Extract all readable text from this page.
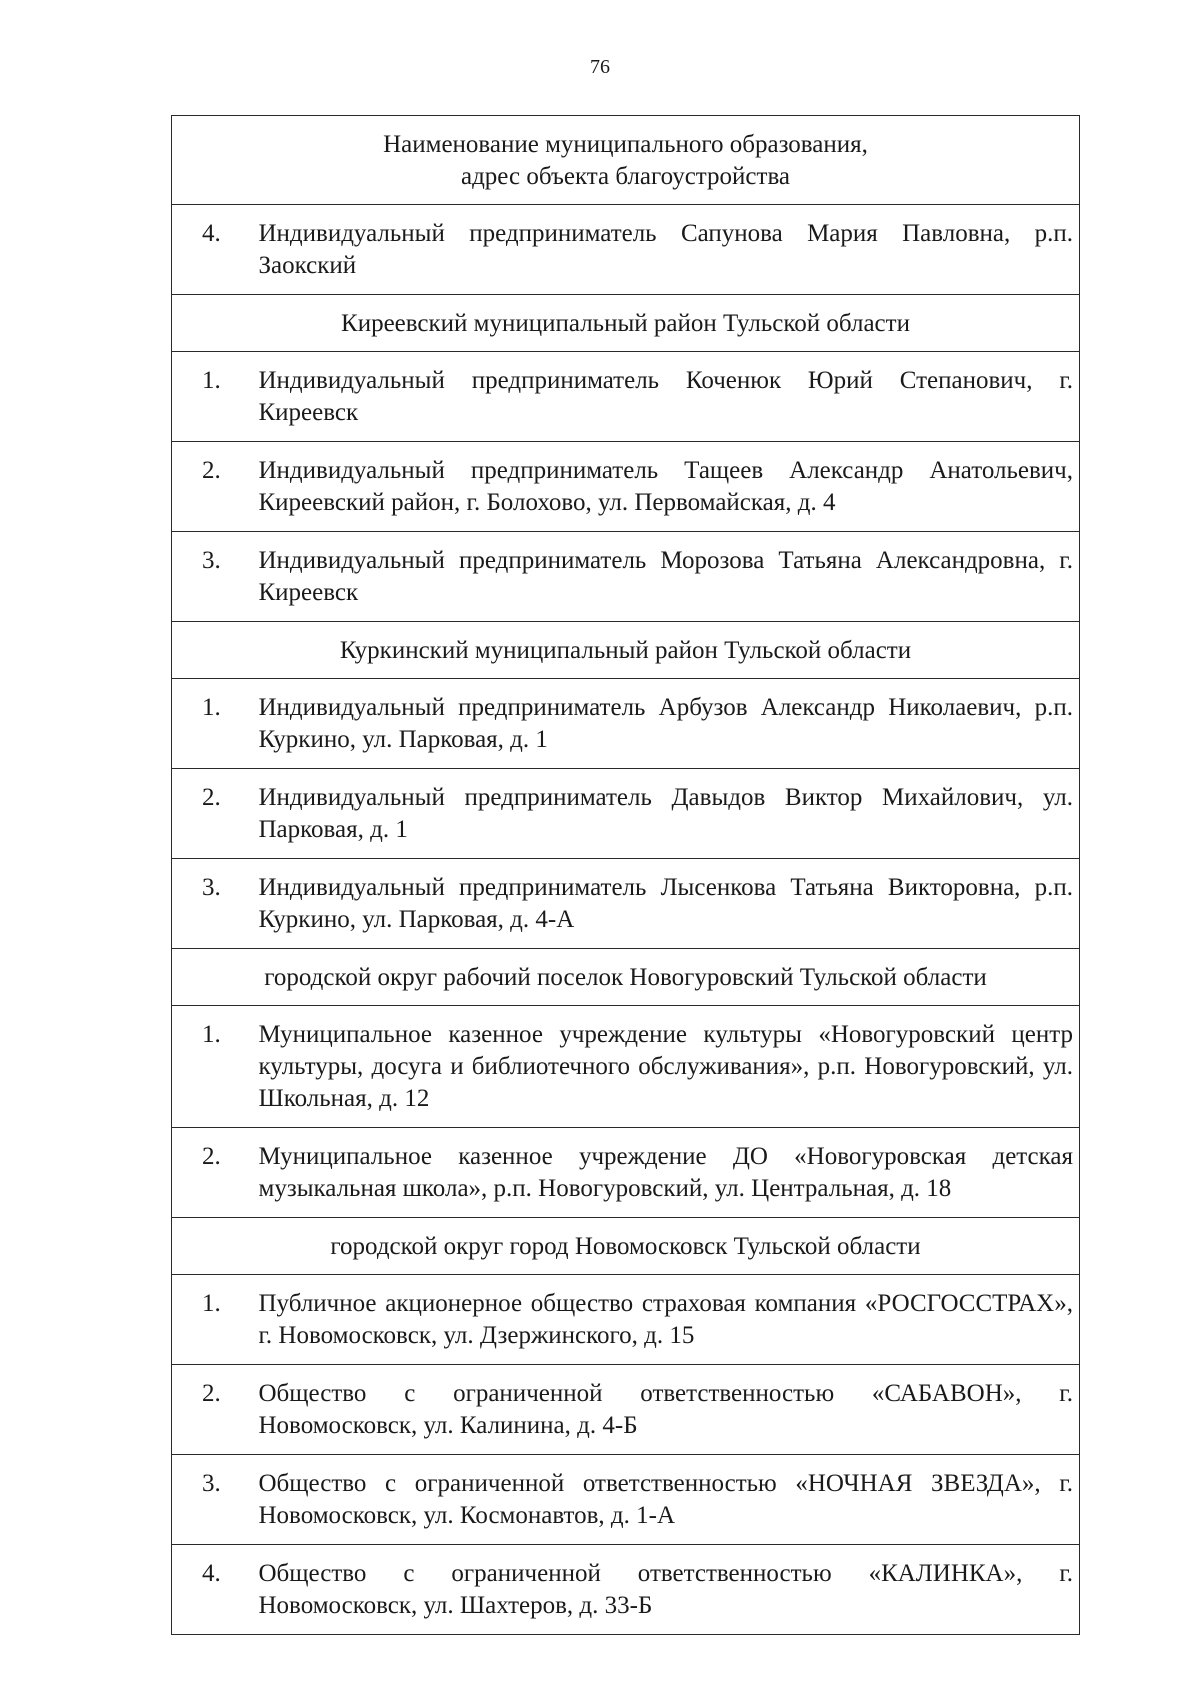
76
Наименование муниципального образования,
адрес объекта благоустройства	

4.	Индивидуальный предприниматель Сапунова Мария Павловна, р.п. Заокский
Киреевский муниципальный район Тульской области	
1.	Индивидуальный предприниматель Коченюк Юрий Степанович, г. Киреевск
2.	Индивидуальный предприниматель Тащеев Александр Анатольевич, Киреевский район, г. Болохово, ул. Первомайская, д. 4
3.	Индивидуальный предприниматель Морозова Татьяна Александровна, г. Киреевск
Куркинский муниципальный район Тульской области	
1.	Индивидуальный предприниматель Арбузов Александр Николаевич, р.п. Куркино, ул. Парковая, д. 1
2.	Индивидуальный предприниматель Давыдов Виктор Михайлович, ул. Парковая, д. 1
3.	Индивидуальный предприниматель Лысенкова Татьяна Викторовна, р.п. Куркино, ул. Парковая, д. 4-А
городской округ рабочий поселок Новогуровский Тульской области	
1.	Муниципальное казенное учреждение культуры «Новогуровский центр культуры, досуга и библиотечного обслуживания», р.п. Новогуровский, ул. Школьная, д. 12
2.	Муниципальное казенное учреждение ДО «Новогуровская детская музыкальная школа», р.п. Новогуровский, ул. Центральная, д. 18
городской округ город Новомосковск Тульской области	
1.	Публичное акционерное общество страховая компания «РОСГОССТРАХ», г. Новомосковск, ул. Дзержинского, д. 15
2.	Общество с ограниченной ответственностью «САБАВОН», г. Новомосковск, ул. Калинина, д. 4-Б
3.	Общество с ограниченной ответственностью «НОЧНАЯ ЗВЕЗДА», г. Новомосковск, ул. Космонавтов, д. 1-А
4.	Общество с ограниченной ответственностью «КАЛИНКА», г. Новомосковск, ул. Шахтеров, д. 33-Б
